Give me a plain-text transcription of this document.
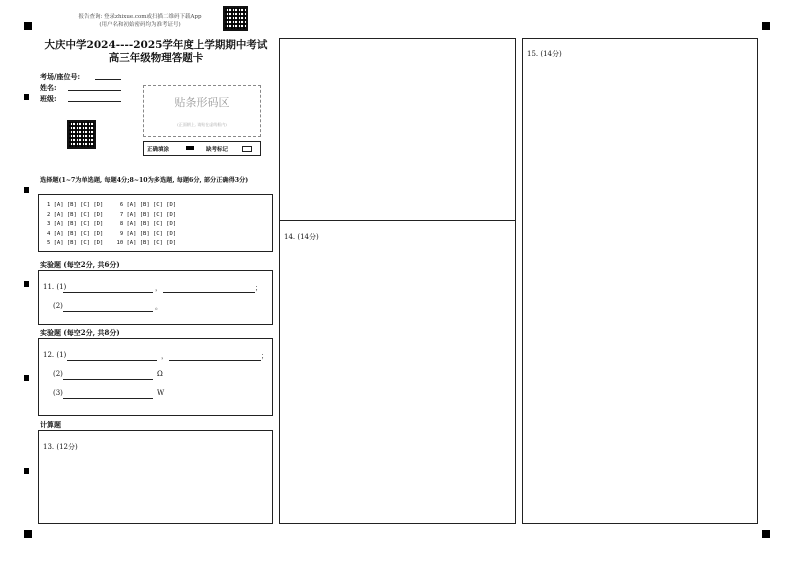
报告查询: 登录zhixue.com或扫描二维码下载App
(用户名和初始密码均为准考证号)
大庆中学2024----2025学年度上学期期中考试
高三年级物理答题卡
考场/座位号:
姓名:
班级:	贴条形码区
(正面朝上, 请贴在虚线框内)
正确填涂	缺考标记
选择题(1~7为单选题, 每题4分;8~10为多选题, 每题6分, 部分正确得3分)
1 [A] [B] [C] [D]     6 [A] [B] [C] [D]
2 [A] [B] [C] [D]     7 [A] [B] [C] [D]
3 [A] [B] [C] [D]     8 [A] [B] [C] [D]
4 [A] [B] [C] [D]     9 [A] [B] [C] [D]
5 [A] [B] [C] [D]    10 [A] [B] [C] [D]
实验题 (每空2分, 共6分)
11. (1)	，	；
(2)	。
实验题 (每空2分, 共8分)
12. (1)	，	；
(2)	Ω
(3)	W
计算题
13. (12分)
14. (14分)
15. (14分)
